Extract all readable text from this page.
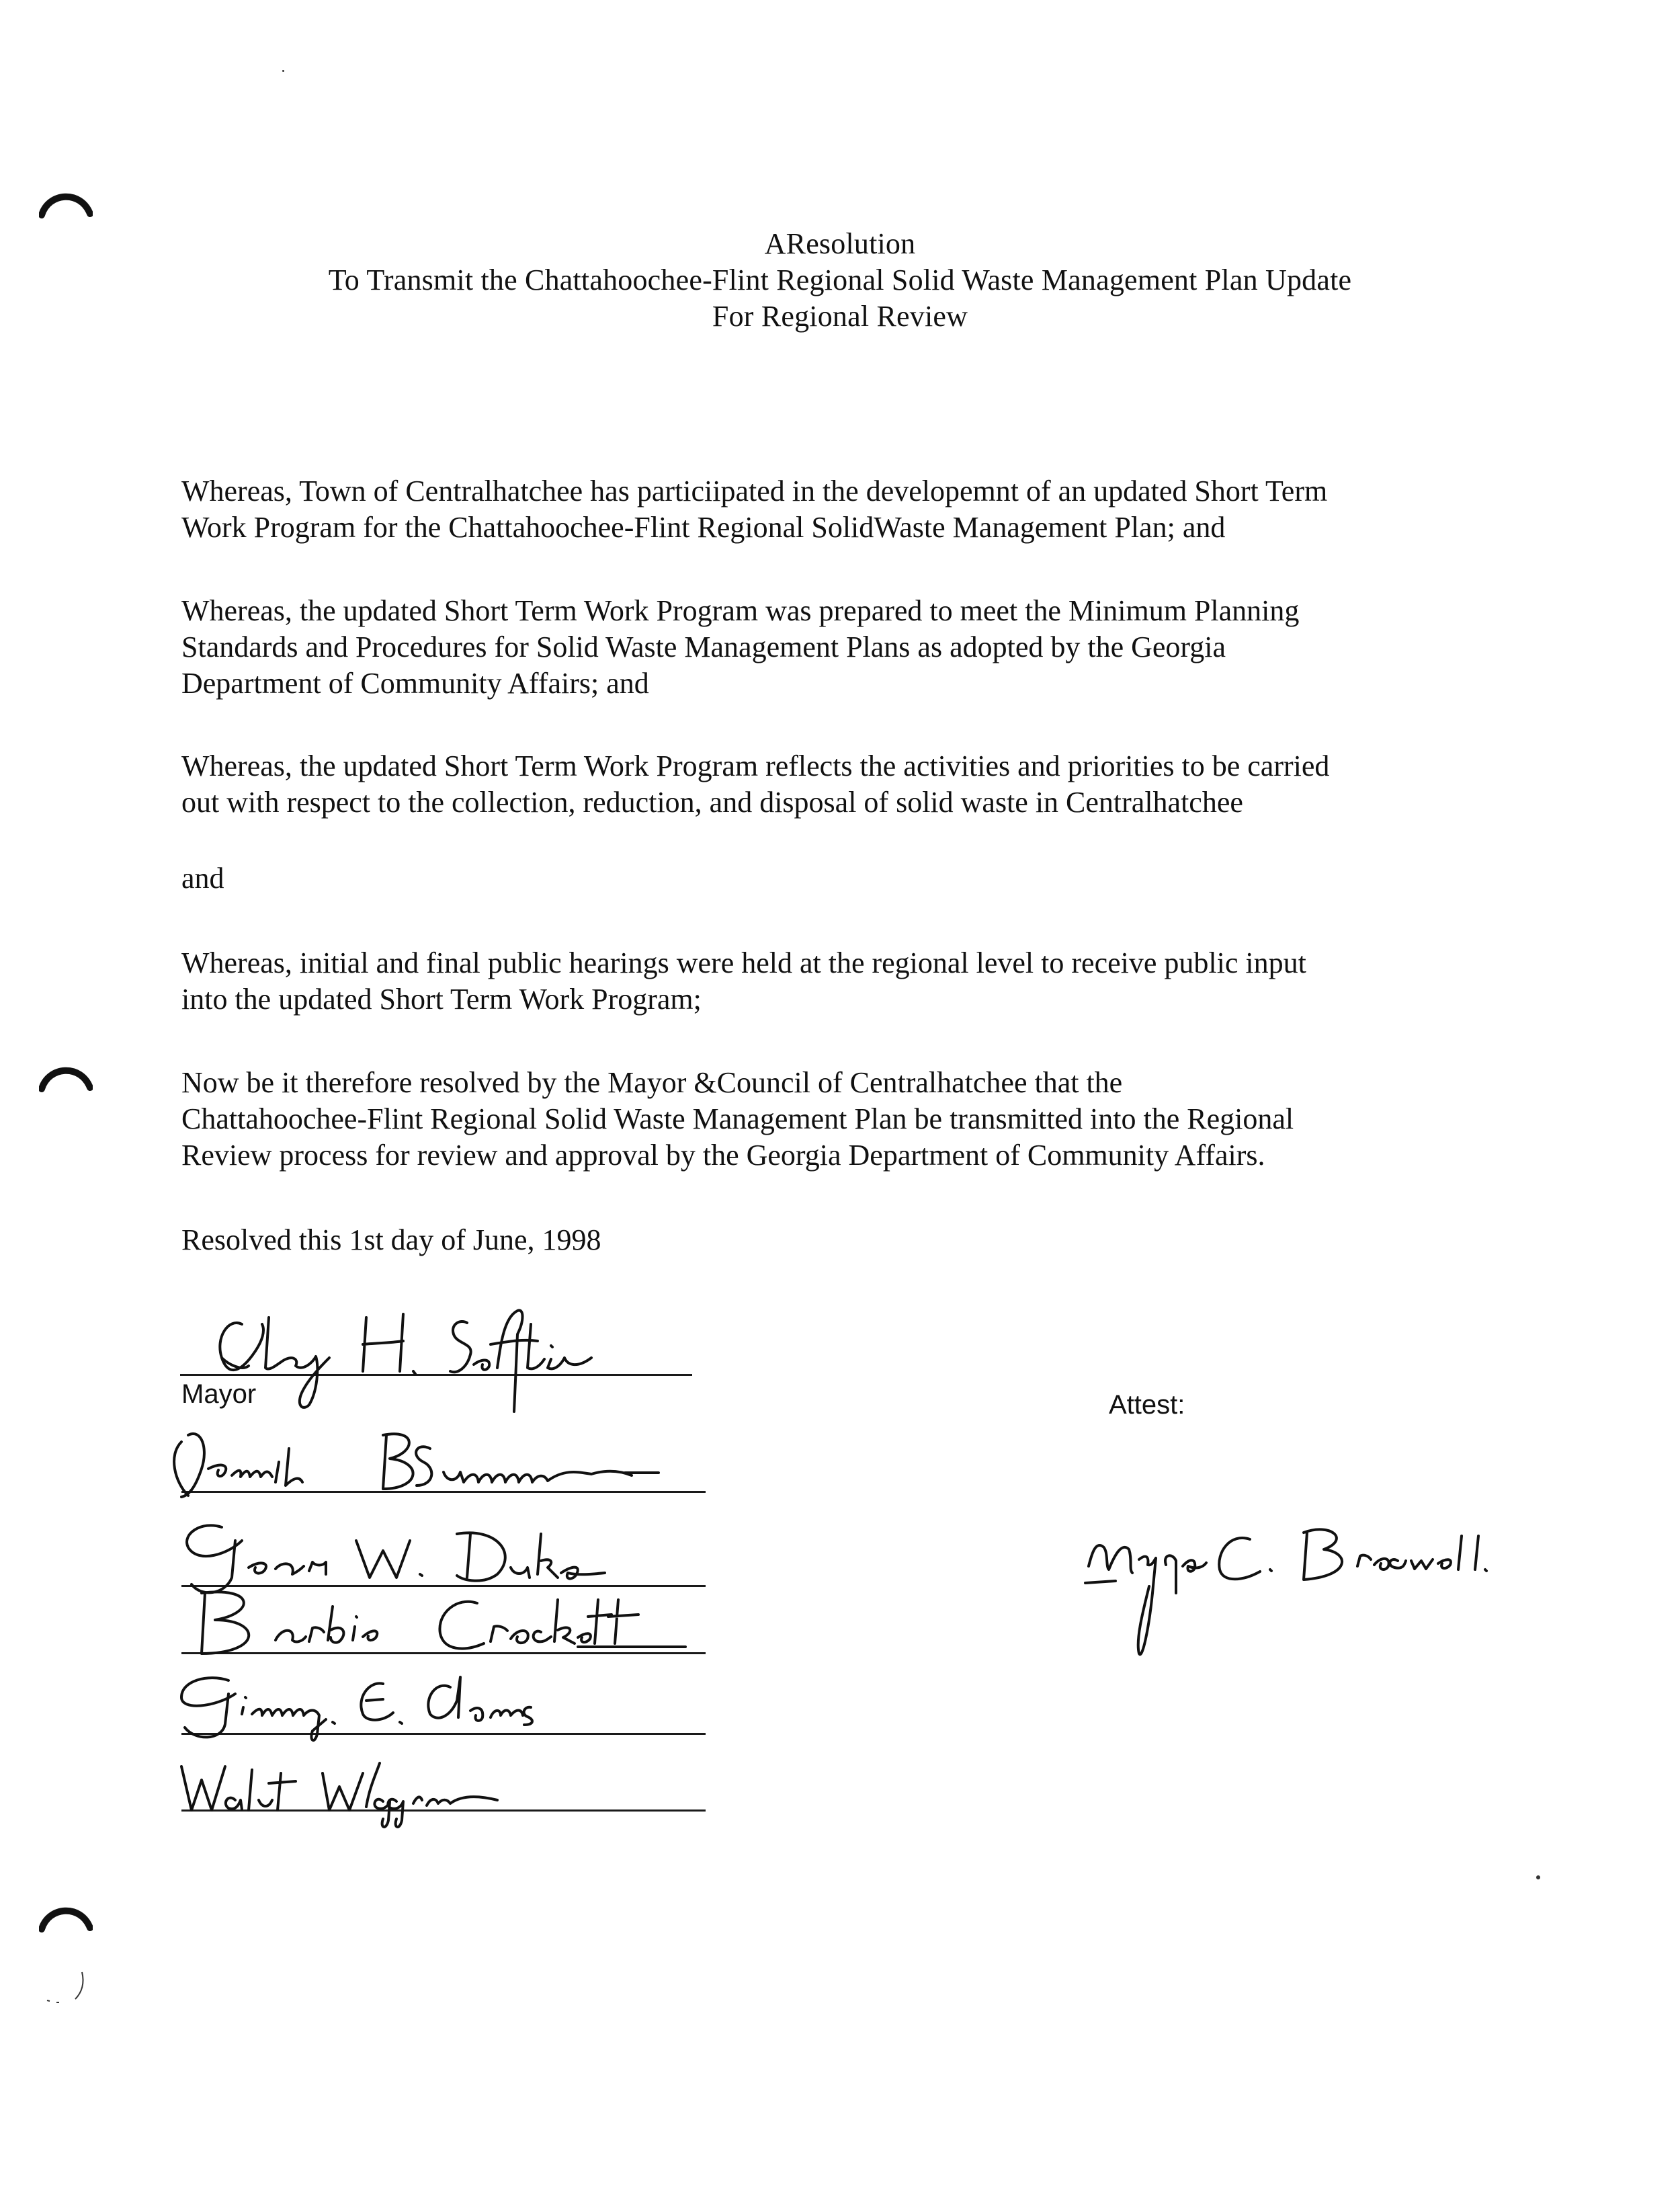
AResolution
To Transmit the Chattahoochee-Flint Regional Solid Waste Management Plan Update
For Regional Review
Whereas, Town of Centralhatchee has particiipated in the developemnt of an updated Short Term
Work Program for the Chattahoochee-Flint Regional SolidWaste Management Plan; and
Whereas, the updated Short Term Work Program was prepared to meet the Minimum Planning
Standards and Procedures for Solid Waste Management Plans as adopted by the Georgia
Department of Community Affairs; and
Whereas, the updated Short Term Work Program reflects the activities and priorities to be carried
out with respect to the collection, reduction, and disposal of solid waste in Centralhatchee
and
Whereas, initial and final public hearings were held at the regional level to receive public input
into the updated Short Term Work Program;
Now be it therefore resolved by the Mayor &Council of Centralhatchee that the
Chattahoochee-Flint Regional Solid Waste Management Plan be transmitted into the Regional
Review process for review and approval by the Georgia Department of Community Affairs.
Resolved this 1st day of June, 1998
Mayor	Attest:
